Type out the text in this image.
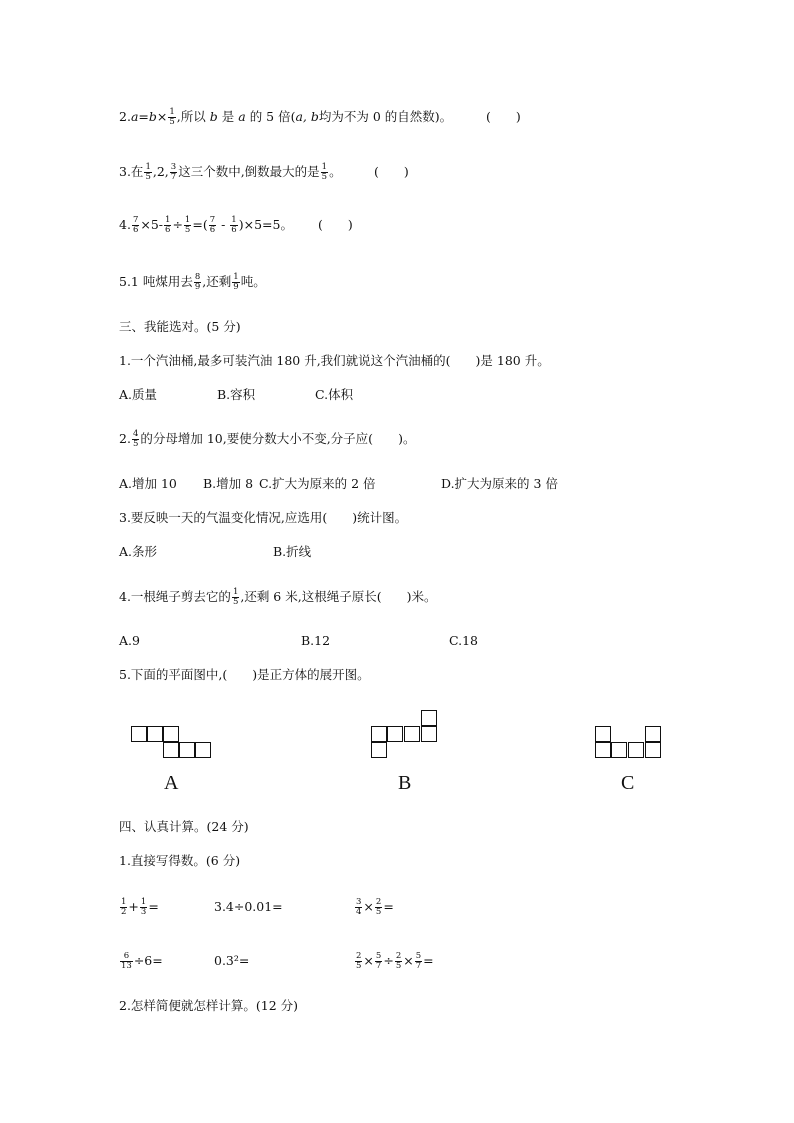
$2.a=b\times \frac{1}{5}$ ,所以 b 是 a 的 5 倍(a, b均为不为 0 的自然数)。	(　　)
3.在 $\frac{1}{5} ,2$, $\frac{3}{7}$ 这三个数中,倒数最大的是 $\frac{1}{5}$ 。	(　　)
4. $\frac{7}{6} \times 5- \frac{1}{6} \div \frac{1}{5}$ =( $\frac{7}{6} - \frac{1}{6} )\times 5=5$。 (　　)
5.1 吨煤用去 $\frac{8}{9}$ ,还剩 $\frac{1}{9}$ 吨。
三、我能选对。(5 分)
1.一个汽油桶,最多可装汽油 180 升,我们就说这个汽油桶的(　　)是 180 升。
A.质量	B.容积	C.体积
2. $\frac{4}{5}$ 的分母增加 10,要使分数大小不变,分子应(　　)。
A.增加 10 B.增加 8 C.扩大为原来的 2 倍	D.扩大为原来的 3 倍
3.要反映一天的气温变化情况,应选用(　　)统计图。
A.条形	B.折线
4.一根绳子剪去它的 $\frac{1}{5}$ ,还剩 6 米,这根绳子原长(　　)米。
A.9	B.12	C.18
5.下面的平面图中,(　　)是正方体的展开图。
A	B	C
四、认真计算。(24 分)
1.直接写得数。(6 分)
$\frac{1}{2} + \frac{1}{3}$ =	3.4÷0.01=	$\frac{3}{4} \times \frac{2}{5}$ =
$\frac{6}{13} \div 6=$	0.3²=	$\frac{2}{5} \times \frac{5}{7} \div \frac{2}{5} \times \frac{5}{7}$ =
2.怎样简便就怎样计算。(12 分)
